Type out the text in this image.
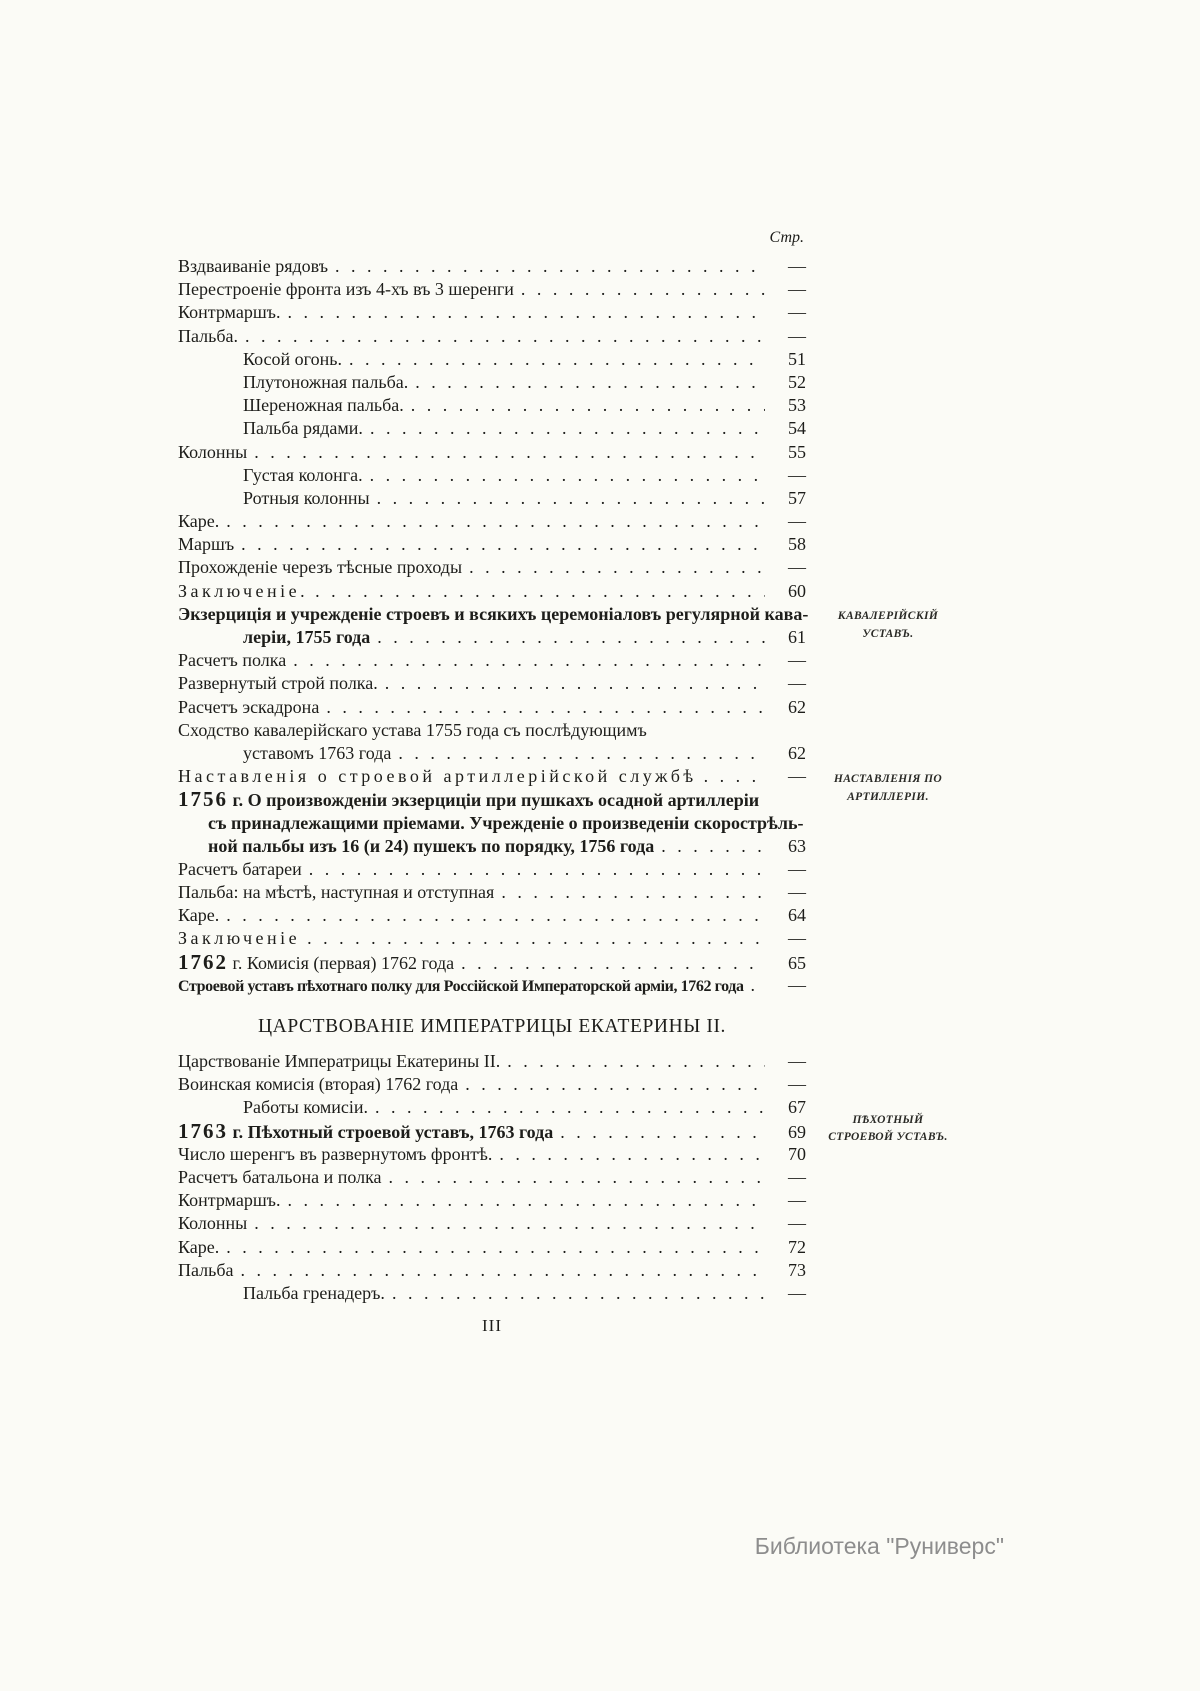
Стр.
Вздваиваніе рядовъ . . .	—
Перестроеніе фронта изъ 4-хъ въ 3 шеренги . . .	—
Контрмаршъ. . . .	—
Пальба. . . .	—
Косой огонь. . . .	51
Плутоножная пальба. . . .	52
Шереножная пальба. . . .	53
Пальба рядами. . . .	54
Колонны . . .	55
Густая колонга. . . .	—
Ротныя колонны . . .	57
Каре. . . .	—
Маршъ . . .	58
Прохожденіе черезъ тѣсные проходы . . .	—
Заключеніе. . . .	60
Экзерциція и учрежденіе строевъ и всякихъ церемоніаловъ регулярной кава-
леріи, 1755 года . . .	61
КАВАЛЕРІЙСКІЙ
УСТАВЪ.
Расчетъ полка . . .	—
Развернутый строй полка. . . .	—
Расчетъ эскадрона . . .	62
Сходство кавалерійскаго устава 1755 года съ послѣдующимъ
уставомъ 1763 года . . .	62
Наставленія о строевой артиллерійской службѣ . . .	—	НАСТАВЛЕНІЯ ПО
АРТИЛЛЕРІИ.
1756 г. О произвожденіи экзерциціи при пушкахъ осадной артиллеріи
съ принадлежащими пріемами. Учрежденіе о произведеніи скорострѣль-
ной пальбы изъ 16 (и 24) пушекъ по порядку, 1756 года . . .	63
Расчетъ батареи . . .	—
Пальба: на мѣстѣ, наступная и отступная . . .	—
Каре. . . .	64
Заключеніе . . .	—
1762 г. Комисія (первая) 1762 года . . .	65
Строевой уставъ пѣхотнаго полку для Россійской Императорской арміи, 1762 года . . .	—
ЦАРСТВОВАНІЕ ИМПЕРАТРИЦЫ ЕКАТЕРИНЫ II.
Царствованіе Императрицы Екатерины II. . . .	—
Воинская комисія (вторая) 1762 года . . .	—
Работы комисіи. . . .	67
1763 г. Пѣхотный строевой уставъ, 1763 года . . .	69
ПѢХОТНЫЙ
СТРОЕВОЙ УСТАВЪ.
Число шеренгъ въ развернутомъ фронтѣ. . . .	70
Расчетъ батальона и полка . . .	—
Контрмаршъ. . . .	—
Колонны . . .	—
Каре. . . .	72
Пальба . . .	73
Пальба гренадеръ. . . .	—
III
Библиотека "Руниверс"
